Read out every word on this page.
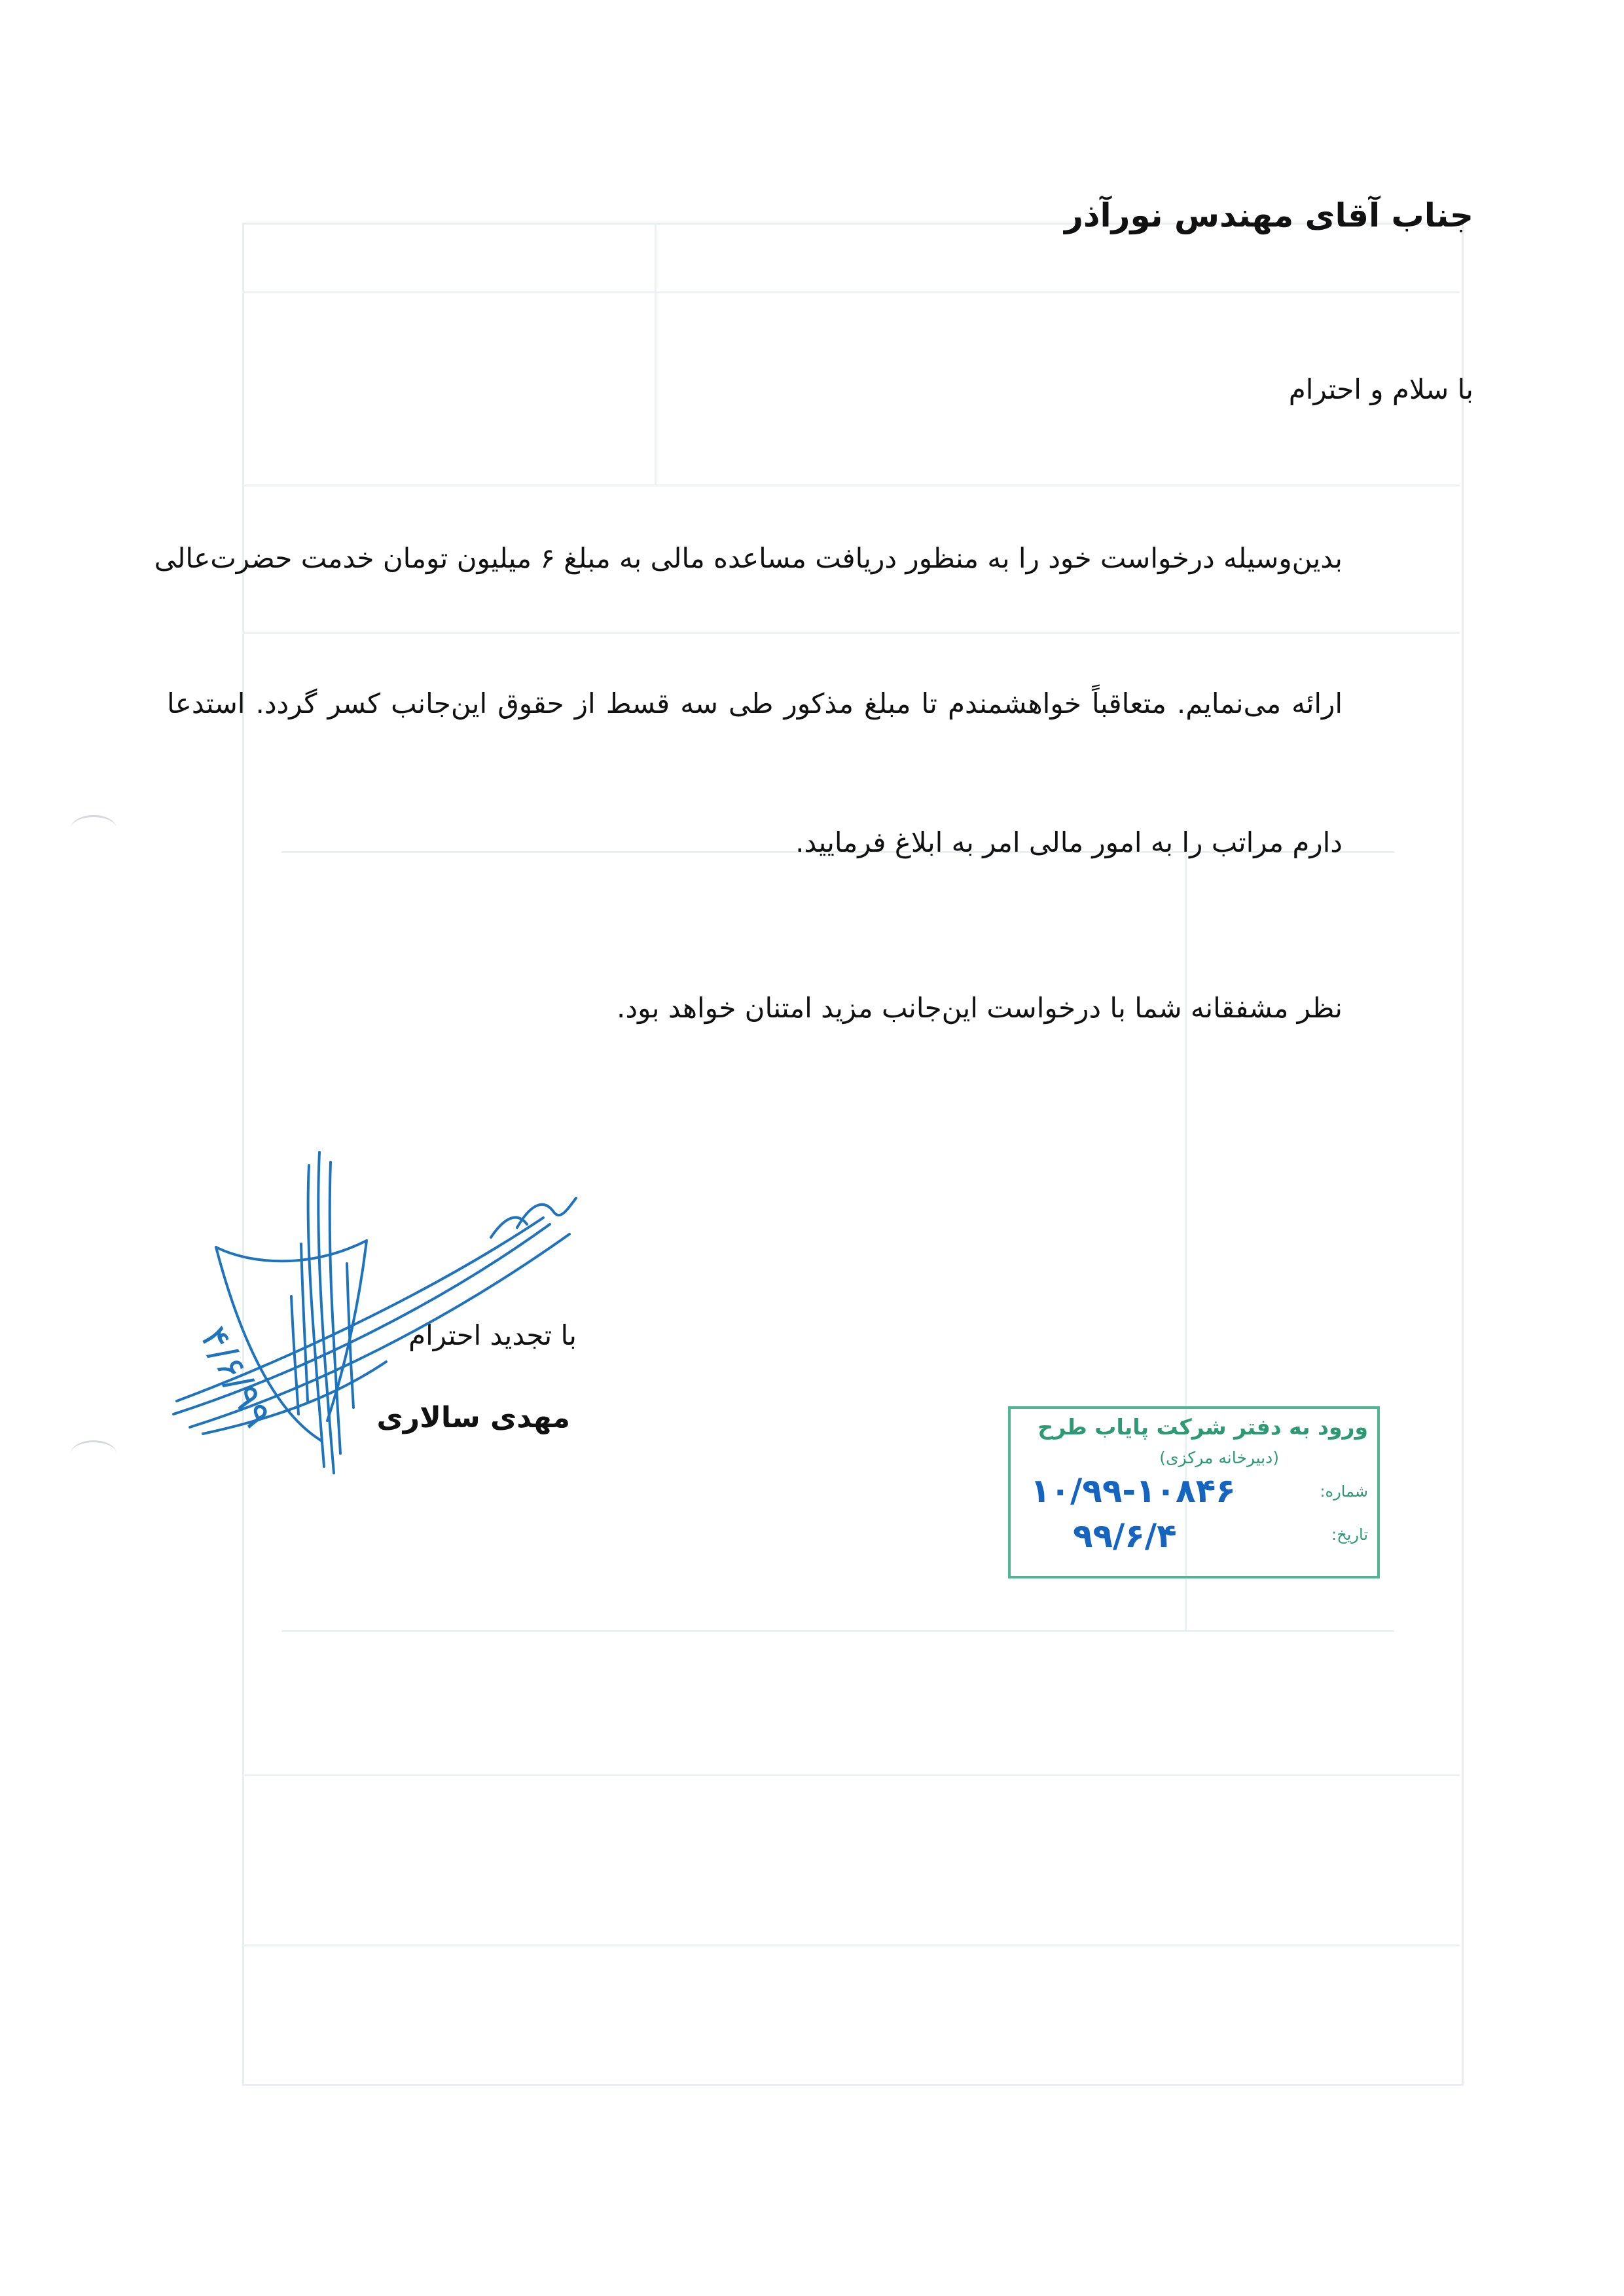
جناب آقای مهندس نورآذر
با سلام و احترام
بدین‌وسیله درخواست خود را به منظور دریافت مساعده مالی به مبلغ ۶ میلیون تومان خدمت حضرت‌عالی
ارائه می‌نمایم. متعاقباً خواهشمندم تا مبلغ مذکور طی سه قسط از حقوق این‌جانب کسر گردد. استدعا
دارم مراتب را به امور مالی امر به ابلاغ فرمایید.
نظر مشفقانه شما با درخواست این‌جانب مزید امتنان خواهد بود.
با تجدید احترام
مهدی سالاری
۴/۶/۹۹	ورود به دفتر شرکت پایاب طرح
(دبیرخانه مرکزی)
شماره:
تاریخ:
۱۰/۹۹-۱۰۸۴۶
۹۹/۶/۴
